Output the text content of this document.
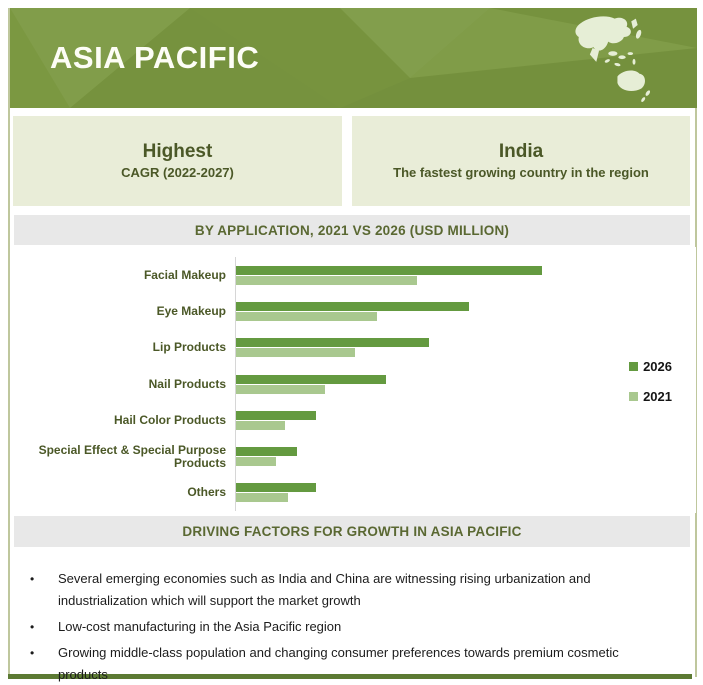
ASIA PACIFIC
Highest
CAGR (2022-2027)
India
The fastest growing country in the region
BY APPLICATION, 2021 VS 2026 (USD MILLION)
Facial Makeup
Eye Makeup
Lip Products
Nail Products
Hail Color Products
Special Effect & Special Purpose Products
Others
2026
2021
DRIVING FACTORS FOR GROWTH IN ASIA PACIFIC
• Several emerging economies such as India and China are witnessing rising urbanization and industrialization which will support the market growth
• Low-cost manufacturing in the Asia Pacific region
• Growing middle-class population and changing consumer preferences towards premium cosmetic products
